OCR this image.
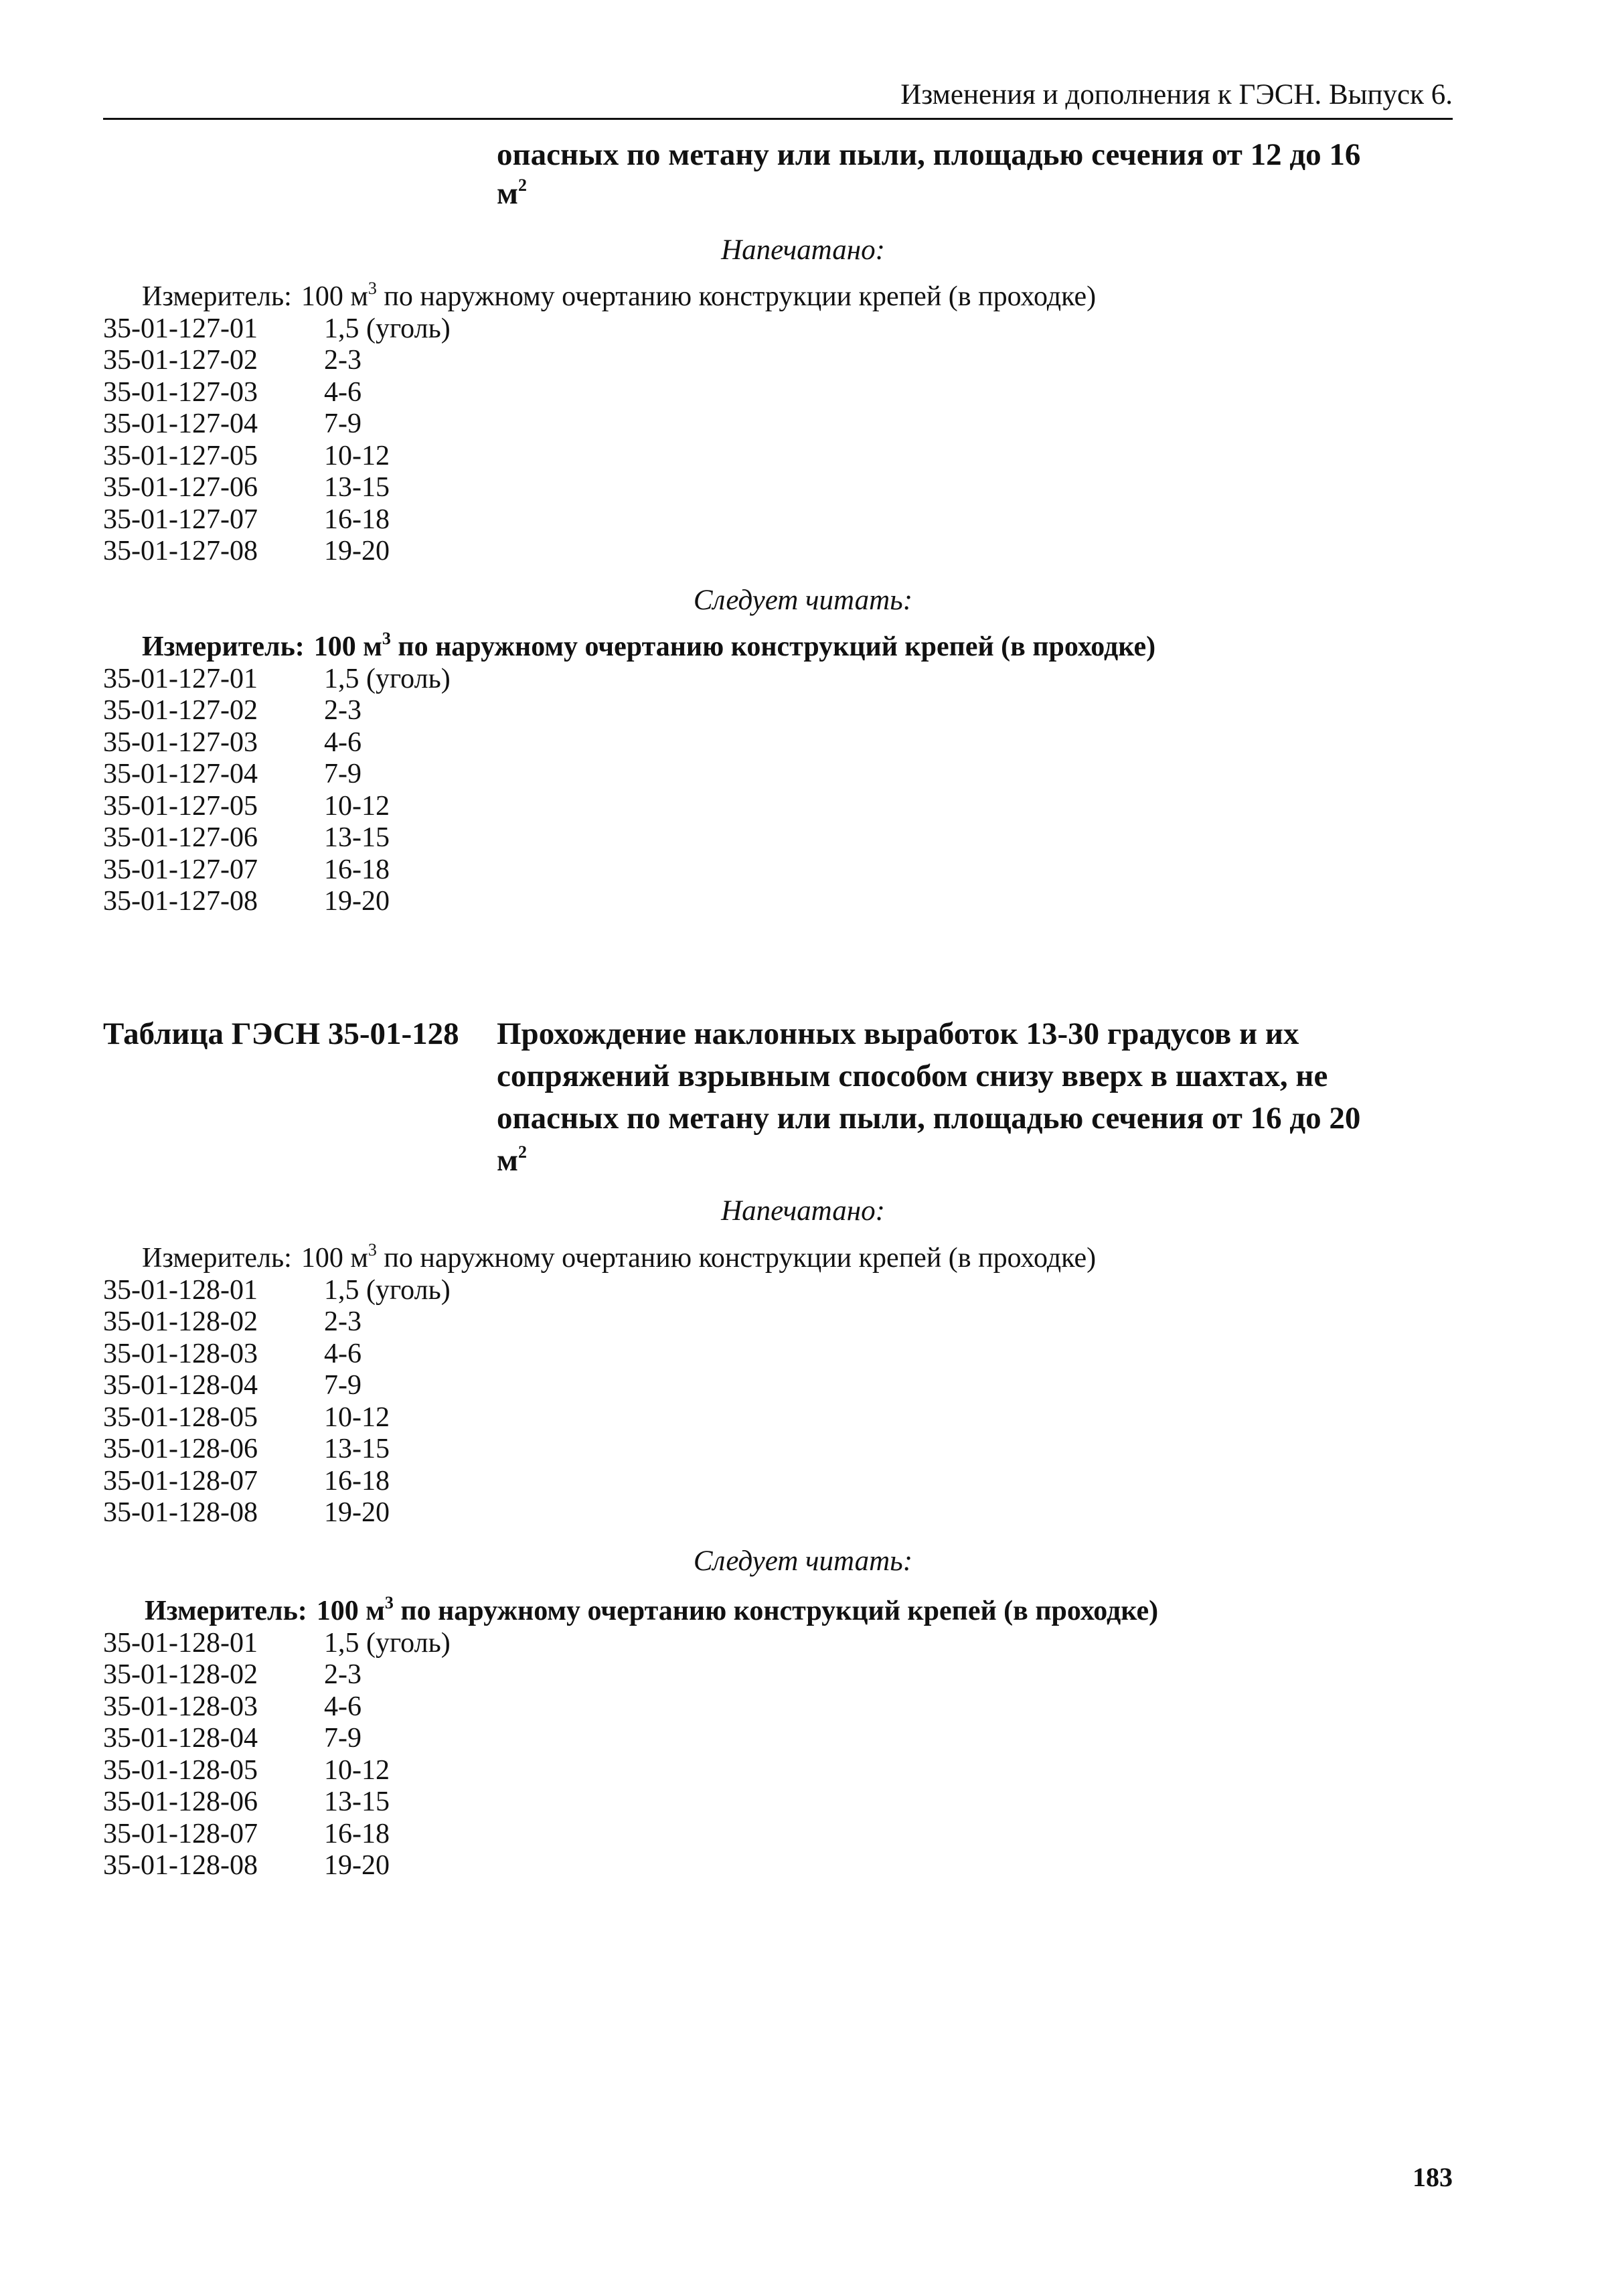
Изменения и дополнения к ГЭСН. Выпуск 6.
опасных по метану или пыли, площадью сечения от 12 до 16
$м^2$
Напечатано:
Измеритель: 100 $м^3$ по наружному очертанию конструкции крепей (в проходке)
35-01-127-01	1,5 (уголь)
35-01-127-02	2-3
35-01-127-03	4-6
35-01-127-04	7-9
35-01-127-05	10-12
35-01-127-06	13-15
35-01-127-07	16-18
35-01-127-08	19-20
Следует читать:
Измеритель: 100 $м^3$ по наружному очертанию конструкций крепей (в проходке)
35-01-127-01	1,5 (уголь)
35-01-127-02	2-3
35-01-127-03	4-6
35-01-127-04	7-9
35-01-127-05	10-12
35-01-127-06	13-15
35-01-127-07	16-18
35-01-127-08	19-20
Таблица ГЭСН 35-01-128 Прохождение наклонных выработок 13-30 градусов и их сопряжений взрывным способом снизу вверх в шахтах, не опасных по метану или пыли, площадью сечения от 16 до 20
$м^2$
Напечатано:
Измеритель: 100 $м^3$ по наружному очертанию конструкции крепей (в проходке)
35-01-128-01	1,5 (уголь)
35-01-128-02	2-3
35-01-128-03	4-6
35-01-128-04	7-9
35-01-128-05	10-12
35-01-128-06	13-15
35-01-128-07	16-18
35-01-128-08	19-20
Следует читать:
Измеритель: 100 $м^3$ по наружному очертанию конструкций крепей (в проходке)
35-01-128-01	1,5 (уголь)
35-01-128-02	2-3
35-01-128-03	4-6
35-01-128-04	7-9
35-01-128-05	10-12
35-01-128-06	13-15
35-01-128-07	16-18
35-01-128-08	19-20
183
